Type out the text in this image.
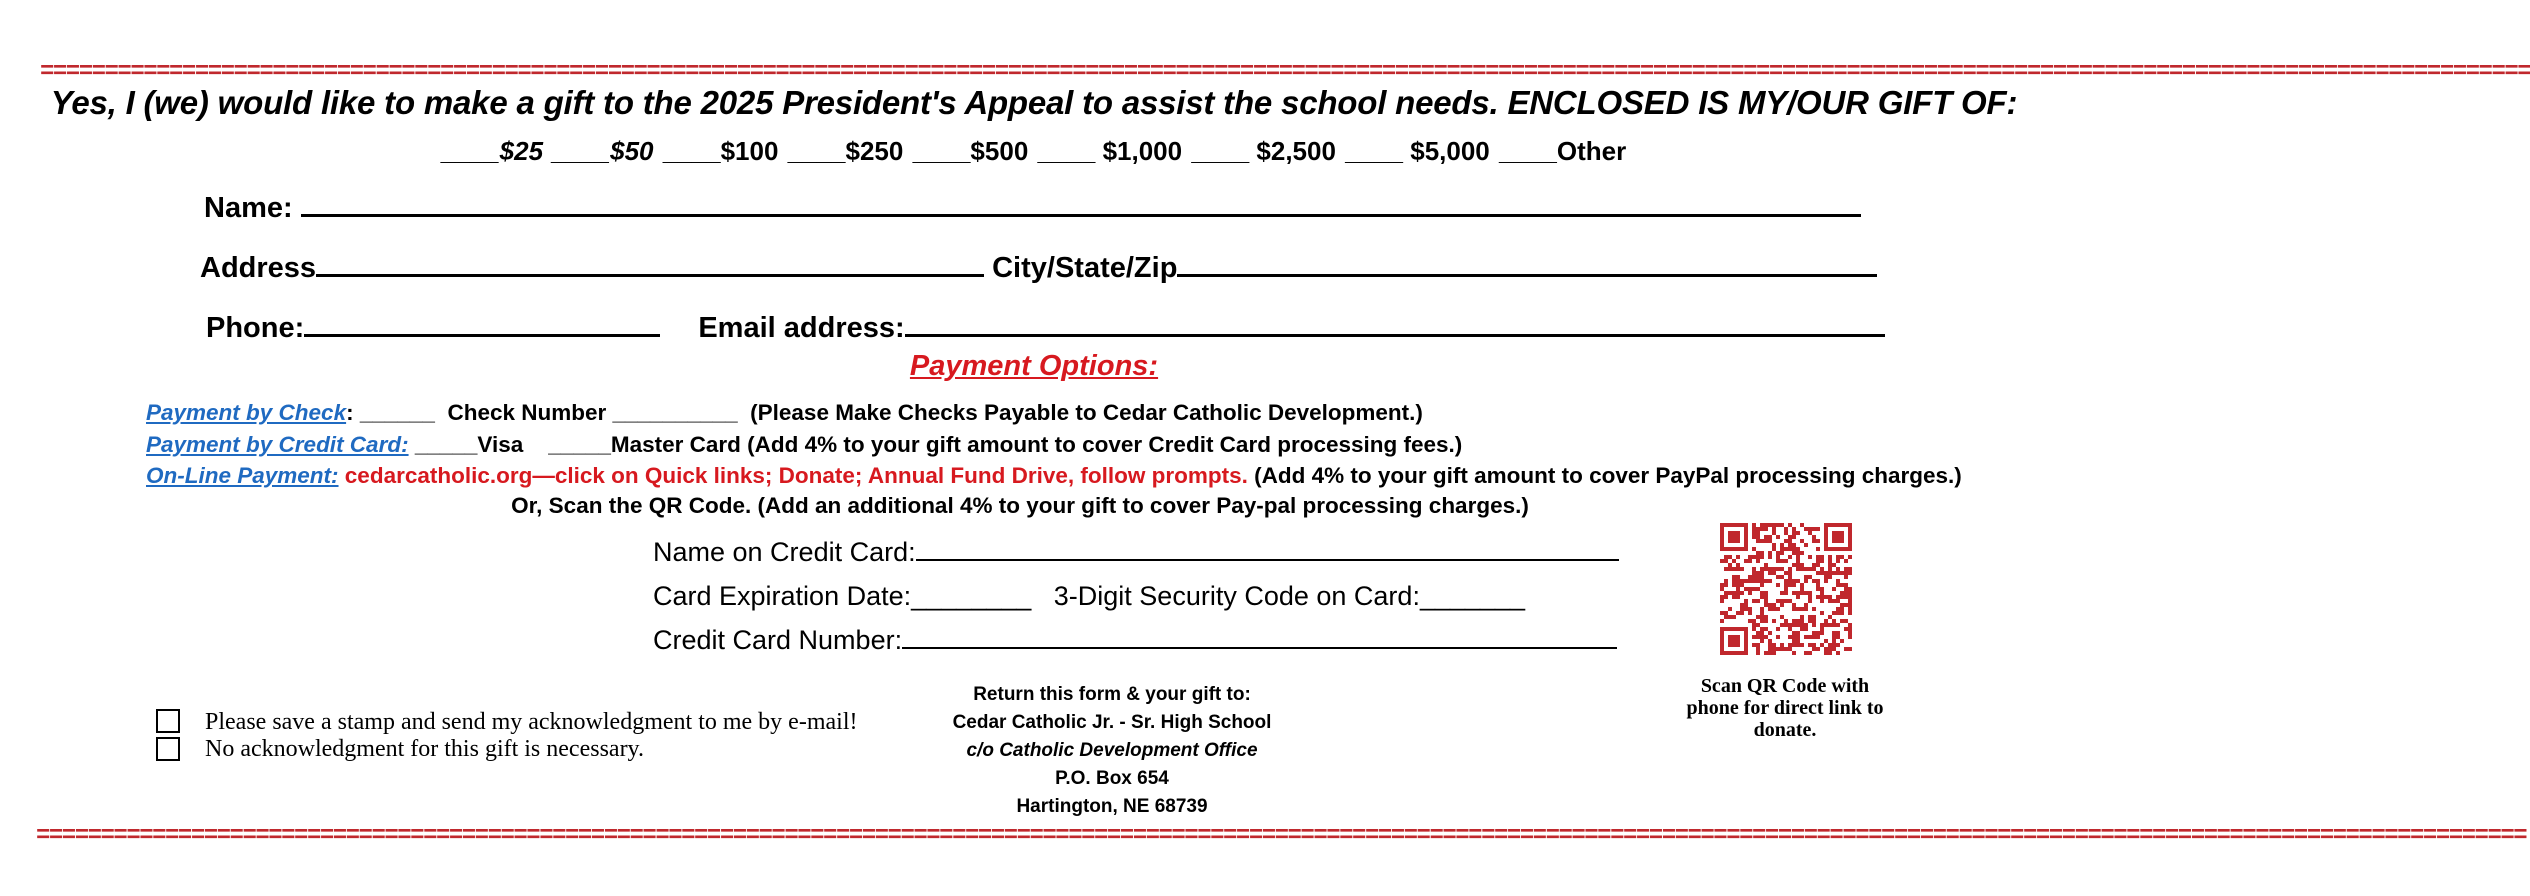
=================================================================================================================================================================================================
Yes, I (we) would like to make a gift to the 2025 President's Appeal to assist the school needs. ENCLOSED IS MY/OUR GIFT OF:
____$25 ____$50 ____$100 ____$250 ____$500 ____ $1,000 ____ $2,500 ____ $5,000 ____Other
Name:
Address	City/State/Zip
Phone:	Email address:
Payment Options:
Payment by Check: ______ Check Number __________ (Please Make Checks Payable to Cedar Catholic Development.)
Payment by Credit Card: _____Visa _____Master Card (Add 4% to your gift amount to cover Credit Card processing fees.)
On-Line Payment: cedarcatholic.org—click on Quick links; Donate; Annual Fund Drive, follow prompts. (Add 4% to your gift amount to cover PayPal processing charges.)
Or, Scan the QR Code. (Add an additional 4% to your gift to cover Pay-pal processing charges.)
Name on Credit Card:
Card Expiration Date:________ 3-Digit Security Code on Card:_______
Credit Card Number:
Scan QR Code with
phone for direct link to
donate.
Please save a stamp and send my acknowledgment to me by e-mail!
No acknowledgment for this gift is necessary.
Return this form & your gift to:
Cedar Catholic Jr. - Sr. High School
c/o Catholic Development Office
P.O. Box 654
Hartington, NE 68739
=================================================================================================================================================================================================
